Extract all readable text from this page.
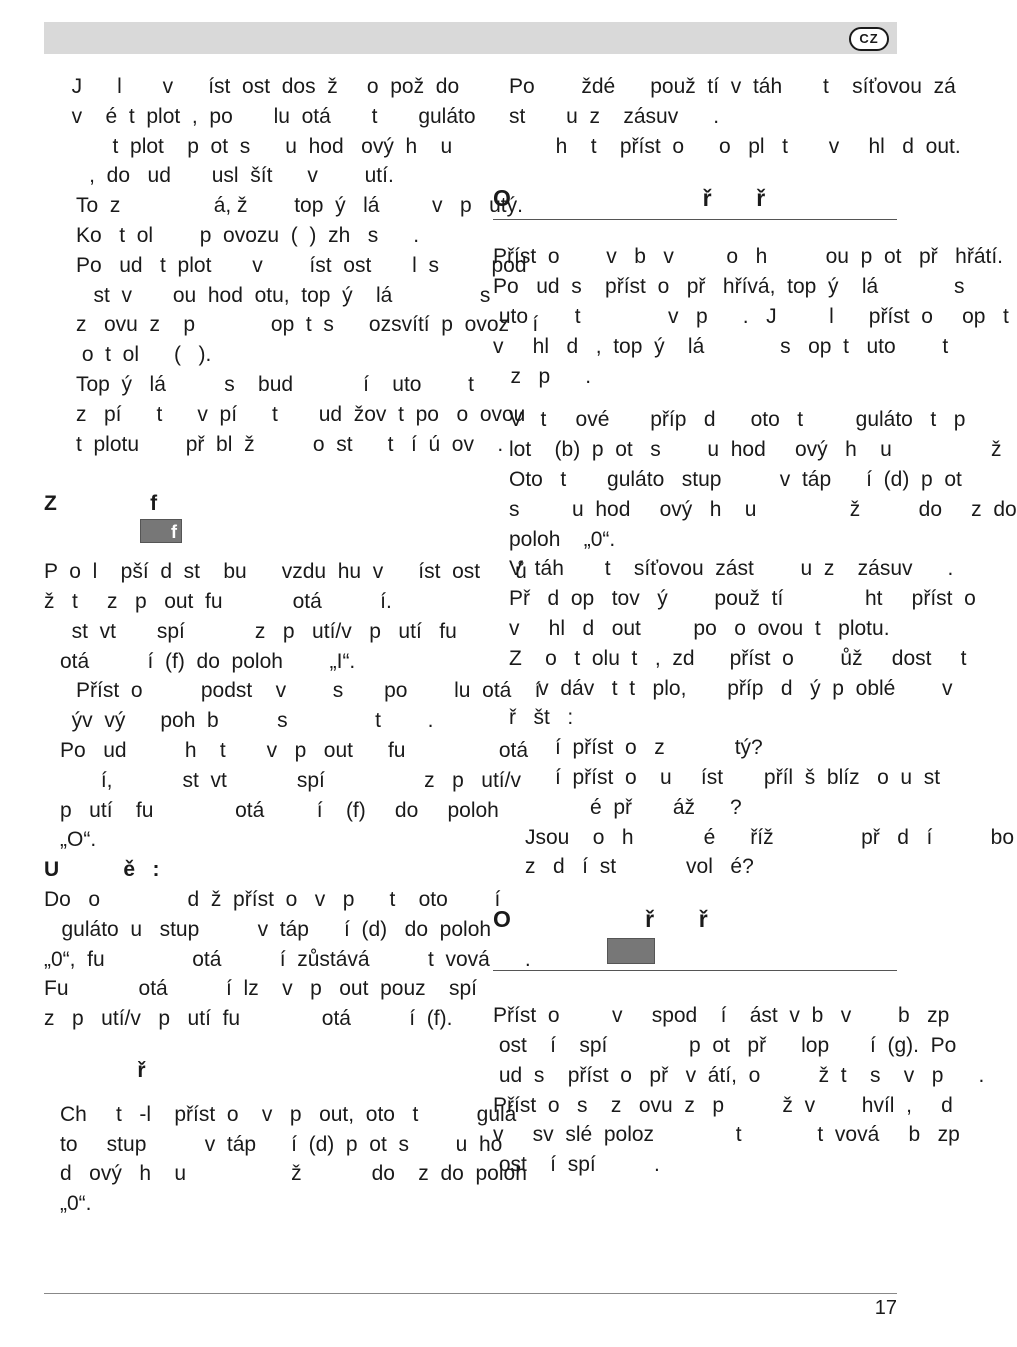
CZ

J      l       v      íst  ost  dos  ž     o  pož  do

v    é  t  plot  ,  po       lu  otá       t       guláto

t  plot    p  ot  s      u  hod   ový  h    u

,  do   ud       usl  šít      v        utí.

To  z                á, ž        top  ý   lá         v   p   utý.

Ko   t  ol        p  ovozu  (  )  zh   s      .

Po   ud   t  plot       v        íst  ost       l  s         pod

st  v       ou  hod  otu,  top  ý    lá               s

z   ovu  z    p             op  t  s      ozsvítí  p  ovoz    í

o  t  ol      (   ).

Top  ý   lá          s    bud            í    uto        t

z   pí      t      v  pí      t       ud  žov  t  po   o  ovou

t  plotu        př  bl  ž          o  st      t   í  ú  ov    .

Z                f
f

P  o  l    pší  d  st    bu      vzdu  hu  v      íst  ost      ů

ž   t     z   p   out  fu            otá          í.

st  vt       spí            z   p   utí/v   p   utí   fu

otá          í  (f)  do  poloh        „I“.

Příst  o          podst    v        s       po        lu  otá    í

ýv  vý      poh  b          s               t        .

Po   ud          h    t       v   p   out      fu                otá

í,            st  vt            spí                 z   p   utí/v

p   utí    fu              otá         í    (f)     do     poloh

„O“.

U           ě   :

Do   o               d  ž  příst  o   v   p      t    oto        í

guláto  u   stup          v  táp      í  (d)   do  poloh

„0“,  fu               otá          í  zůstává          t  vová      .

Fu            otá          í  lz    v   p   out  pouz    spí

z   p   utí/v   p   utí  fu              otá          í  (f).

ř

Ch     t   -l    příst  o    v   p   out,  oto   t          gulá

to     stup          v  táp      í  (d)  p  ot  s        u  ho

d   ový   h    u                  ž            do    z  do  poloh

„0“.

Po        ždé      použ  tí  v  táh       t    síťovou  zá

st       u  z    zásuv      .

h    t    příst  o      o   pl   t       v     hl   d  out.

O                              ř       ř

Příst  o        v   b   v         o   h          ou  p  ot   př   hřátí.

Po   ud  s    příst  o   př   hřívá,  top  ý    lá             s

uto        t               v   p      .   J         l      příst  o     op   t

v     hl   d   ,  top  ý    lá             s   op  t   uto        t

z   p      .

V   t     ové       příp   d      oto   t         guláto   t   p

lot    (b)  p  ot   s        u  hod     ový   h    u                 ž

Oto   t       guláto   stup          v  táp      í  (d)  p  ot

s         u  hod     ový   h    u                ž          do     z  do

poloh    „0“.

V  táh       t    síťovou  zást        u  z    zásuv      .

Př   d  op   tov   ý        použ  tí              ht     příst  o

v     hl   d   out         po   o  ovou  t   plotu.

Z    o   t  olu  t   ,  zd      příst  o        ůž     dost     t

v  dáv   t  t   plo,       příp   d   ý  p  oblé        v

ř   št   :

í  příst  o   z            tý?

í  příst  o    u     íst       příl  š  blíz   o  u  st

é  př       áž      ?

Jsou    o   h            é      říž               př   d   í          bo

z   d   í  st            vol   é?

O                     ř       ř

Příst  o         v     spod    í    ást  v  b   v        b   zp

ost    í    spí              p  ot   př      lop       í  (g).  Po

ud  s    příst  o   př   v  átí,  o          ž  t    s    v   p      .

Příst  o   s    z   ovu  z   p          ž  v        hvíl  ,     d

v     sv  slé  poloz              t             t  vová     b   zp

ost    í  spí          .

17
